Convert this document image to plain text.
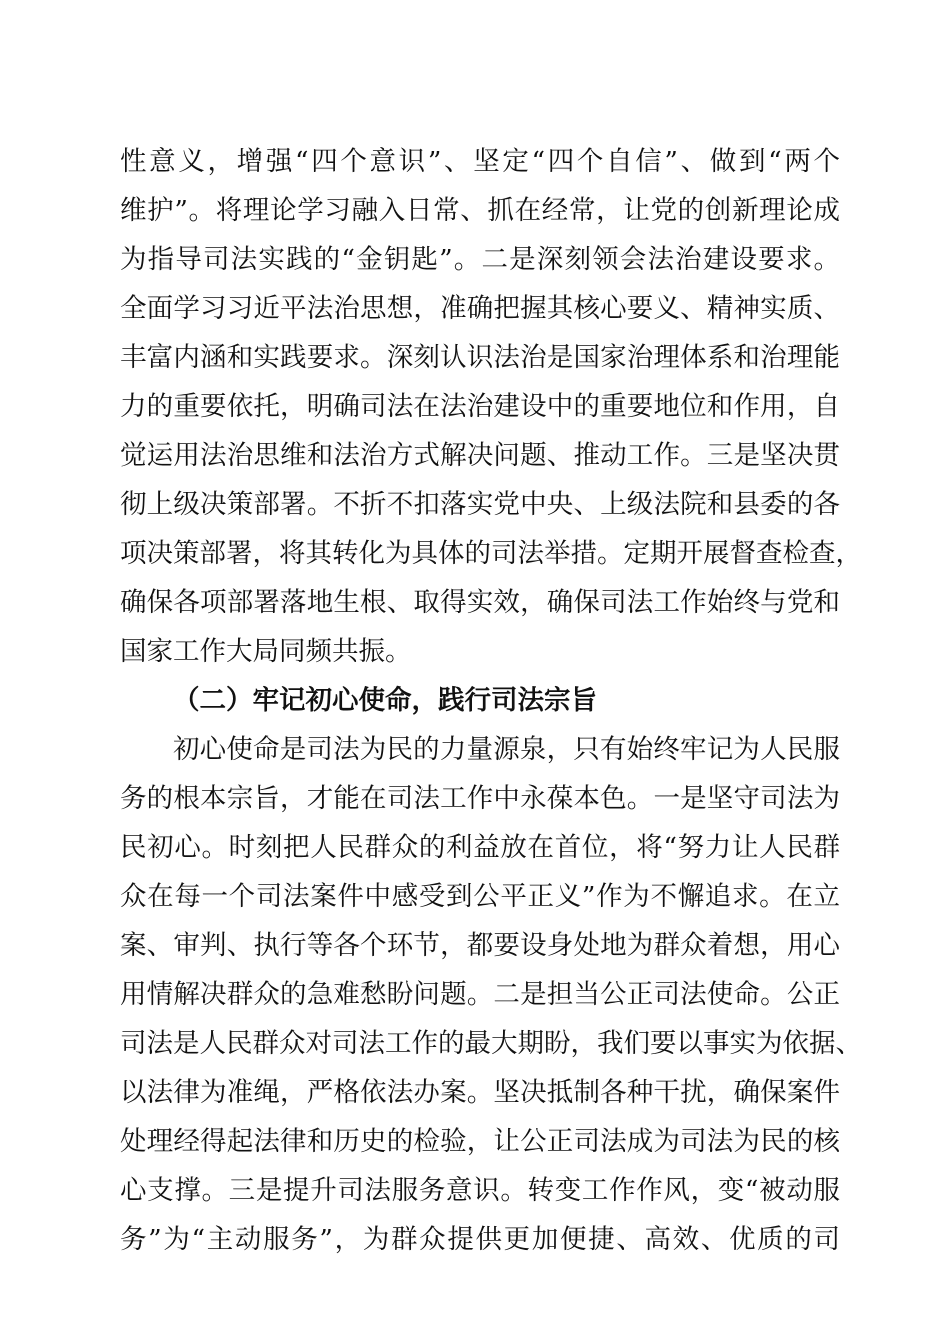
性意义，增强“四个意识”、坚定“四个自信”、做到“两个
维护”。将理论学习融入日常、抓在经常，让党的创新理论成
为指导司法实践的“金钥匙”。二是深刻领会法治建设要求。
全面学习习近平法治思想，准确把握其核心要义、精神实质、
丰富内涵和实践要求。深刻认识法治是国家治理体系和治理能
力的重要依托，明确司法在法治建设中的重要地位和作用，自
觉运用法治思维和法治方式解决问题、推动工作。三是坚决贯
彻上级决策部署。不折不扣落实党中央、上级法院和县委的各
项决策部署，将其转化为具体的司法举措。定期开展督查检查，
确保各项部署落地生根、取得实效，确保司法工作始终与党和
国家工作大局同频共振。
（二）牢记初心使命，践行司法宗旨
初心使命是司法为民的力量源泉，只有始终牢记为人民服
务的根本宗旨，才能在司法工作中永葆本色。一是坚守司法为
民初心。时刻把人民群众的利益放在首位，将“努力让人民群
众在每一个司法案件中感受到公平正义”作为不懈追求。在立
案、审判、执行等各个环节，都要设身处地为群众着想，用心
用情解决群众的急难愁盼问题。二是担当公正司法使命。公正
司法是人民群众对司法工作的最大期盼，我们要以事实为依据、
以法律为准绳，严格依法办案。坚决抵制各种干扰，确保案件
处理经得起法律和历史的检验，让公正司法成为司法为民的核
心支撑。三是提升司法服务意识。转变工作作风，变“被动服
务”为“主动服务”，为群众提供更加便捷、高效、优质的司
